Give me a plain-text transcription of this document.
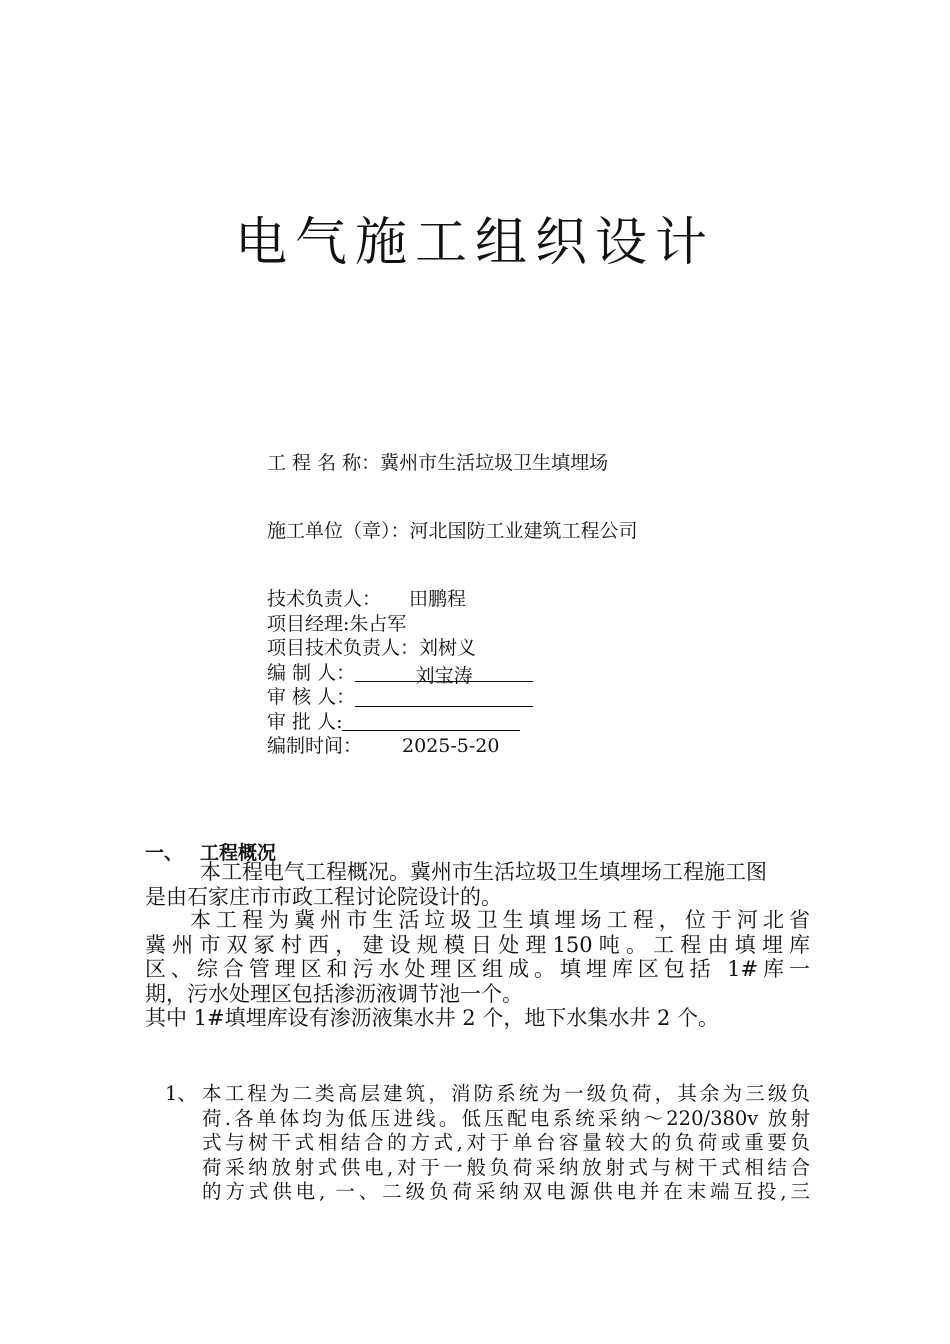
电气施工组织设计
工 程 名 称：冀州市生活垃圾卫生填埋场
施工单位（章）：河北国防工业建筑工程公司
技术负责人： 田鹏程
项目经理:朱占军
项目技术负责人：刘树义
编 制 人：	刘宝涛
审 核 人：
审 批 人:
编制时间： 2025-5-20
一、 工程概况
本工程电气工程概况。冀州市生活垃圾卫生填埋场工程施工图
是由石家庄市市政工程讨论院设计的。
本工程为冀州市生活垃圾卫生填埋场工程，位于河北省
冀州市双冢村西，建设规模日处理150吨。工程由填埋库
区、综合管理区和污水处理区组成。填埋库区包括 1#库一
期，污水处理区包括渗沥液调节池一个。
其中 1#填埋库设有渗沥液集水井 2 个，地下水集水井 2 个。
1、 本工程为二类高层建筑，消防系统为一级负荷，其余为三级负
荷.各单体均为低压进线。低压配电系统采纳～220/380v 放射
式与树干式相结合的方式,对于单台容量较大的负荷或重要负
荷采纳放射式供电,对于一般负荷采纳放射式与树干式相结合
的方式供电, 一、二级负荷采纳双电源供电并在末端互投,三
